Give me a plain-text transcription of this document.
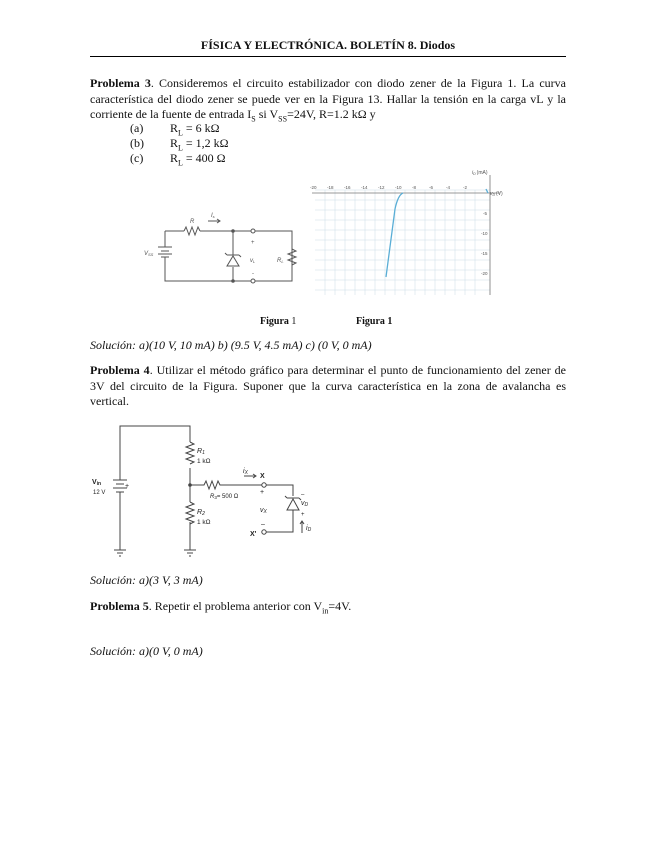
FÍSICA Y ELECTRÓNICA. BOLETÍN 8. Diodos
Problema 3. Consideremos el circuito estabilizador con diodo zener de la Figura 1. La curva característica del diodo zener se puede ver en la Figura 13. Hallar la tensión en la carga vL y la corriente de la fuente de entrada $I_S$ si $V_{SS}=24V$, R=1.2 kΩ y
(a) $R_L = 6$ kΩ
(b) $R_L = 1,2$ kΩ
(c) $R_L = 400$ Ω
R
Is
VSS
vL	RL
+
-
-20 -18 -16 -14 -12 -10 -8	-6	-4	-2
-5
-10
-15
-20
$i_D(mA)$
$v_D(V)$
Figura 1	Figura 1
Solución: a)(10 V, 10 mA) b) (9.5 V, 4.5 mA) c) (0 V, 0 mA)
Problema 4. Utilizar el método gráfico para determinar el punto de funcionamiento del zener de 3V del circuito de la Figura. Suponer que la curva característica en la zona de avalancha es vertical.
Vin
12 V
+
R1
1 kΩ
R2
1 kΩ
R3= 500 Ω
iX X
+
vX
–
X'
–
vD
+
iD
Solución: a)(3 V, 3 mA)
Problema 5. Repetir el problema anterior con $V_{in}=4V$.
Solución: a)(0 V, 0 mA)
